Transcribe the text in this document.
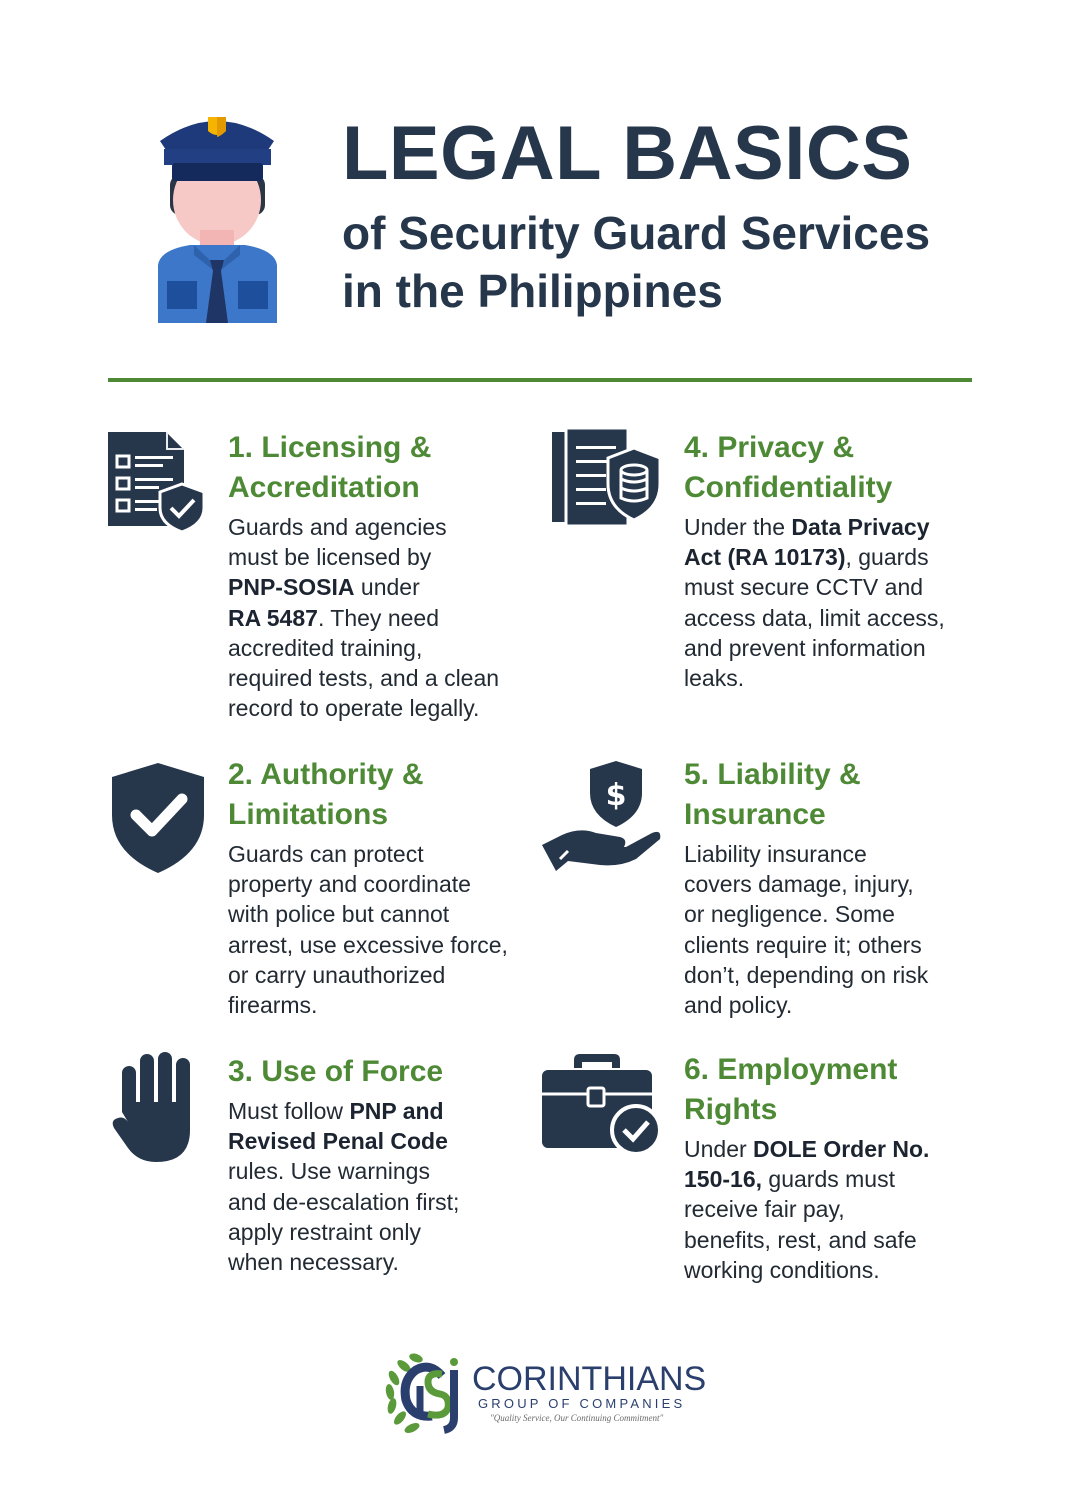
LEGAL BASICS
of Security Guard Services
in the Philippines
1. Licensing &
Accreditation
Guards and agencies
must be licensed by
PNP-SOSIA under
RA 5487. They need
accredited training,
required tests, and a clean
record to operate legally.
2. Authority &
Limitations
Guards can protect
property and coordinate
with police but cannot
arrest, use excessive force,
or carry unauthorized
firearms.
3. Use of Force
Must follow PNP and
Revised Penal Code
rules. Use warnings
and de-escalation first;
apply restraint only
when necessary.
4. Privacy &
Confidentiality
Under the Data Privacy
Act (RA 10173), guards
must secure CCTV and
access data, limit access,
and prevent information
leaks.
$
5. Liability &
Insurance
Liability insurance
covers damage, injury,
or negligence. Some
clients require it; others
don’t, depending on risk
and policy.
6. Employment
Rights
Under DOLE Order No.
150-16, guards must
receive fair pay,
benefits, rest, and safe
working conditions.
CORINTHIANS
GROUP OF COMPANIES
"Quality Service, Our Continuing Commitment"
